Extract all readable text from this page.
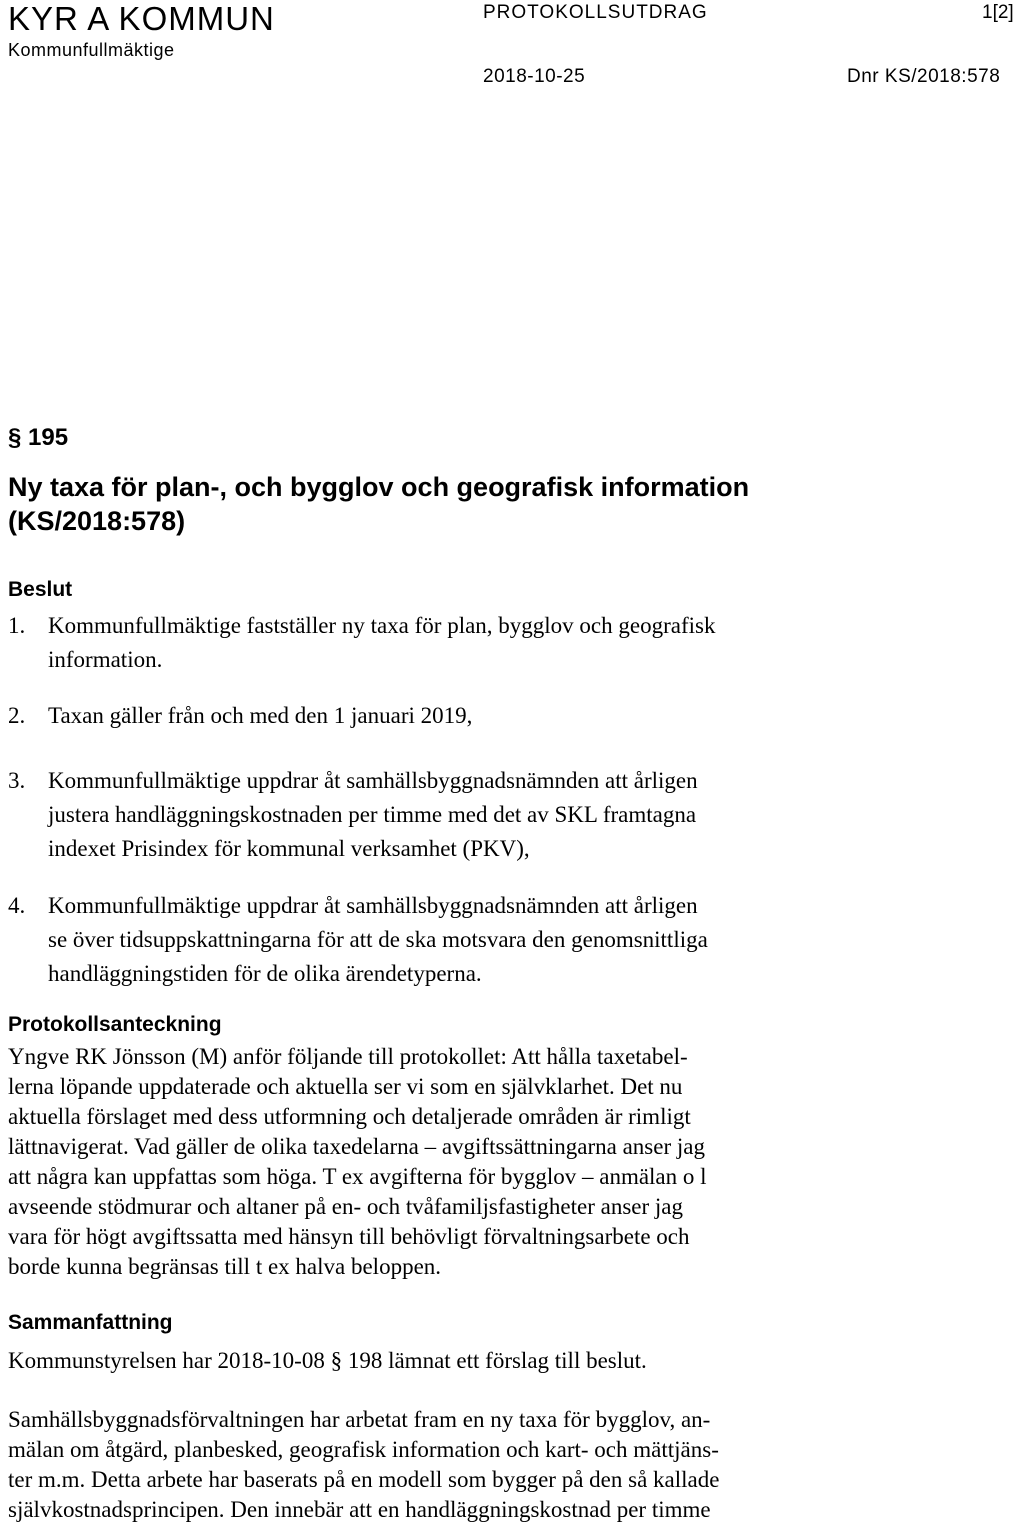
KYR A KOMMUN
Kommunfullmäktige
PROTOKOLLSUTDRAG	1[2]
2018-10-25	Dnr KS/2018:578
§ 195
Ny taxa för plan-, och bygglov och geografisk information (KS/2018:578)
Beslut
1. Kommunfullmäktige fastställer ny taxa för plan, bygglov och geografisk
information.
2. Taxan gäller från och med den 1 januari 2019,
3. Kommunfullmäktige uppdrar åt samhällsbyggnadsnämnden att årligen
justera handläggningskostnaden per timme med det av SKL framtagna
indexet Prisindex för kommunal verksamhet (PKV),
4. Kommunfullmäktige uppdrar åt samhällsbyggnadsnämnden att årligen
se över tidsuppskattningarna för att de ska motsvara den genomsnittliga
handläggningstiden för de olika ärendetyperna.
Protokollsanteckning
Yngve RK Jönsson (M) anför följande till protokollet: Att hålla taxetabel-
lerna löpande uppdaterade och aktuella ser vi som en självklarhet. Det nu
aktuella förslaget med dess utformning och detaljerade områden är rimligt
lättnavigerat. Vad gäller de olika taxedelarna – avgiftssättningarna anser jag
att några kan uppfattas som höga. T ex avgifterna för bygglov – anmälan o l
avseende stödmurar och altaner på en- och tvåfamiljsfastigheter anser jag
vara för högt avgiftssatta med hänsyn till behövligt förvaltningsarbete och
borde kunna begränsas till t ex halva beloppen.
Sammanfattning
Kommunstyrelsen har 2018-10-08 § 198 lämnat ett förslag till beslut.
Samhällsbyggnadsförvaltningen har arbetat fram en ny taxa för bygglov, an-
mälan om åtgärd, planbesked, geografisk information och kart- och mättjäns-
ter m.m. Detta arbete har baserats på en modell som bygger på den så kallade
självkostnadsprincipen. Den innebär att en handläggningskostnad per timme
